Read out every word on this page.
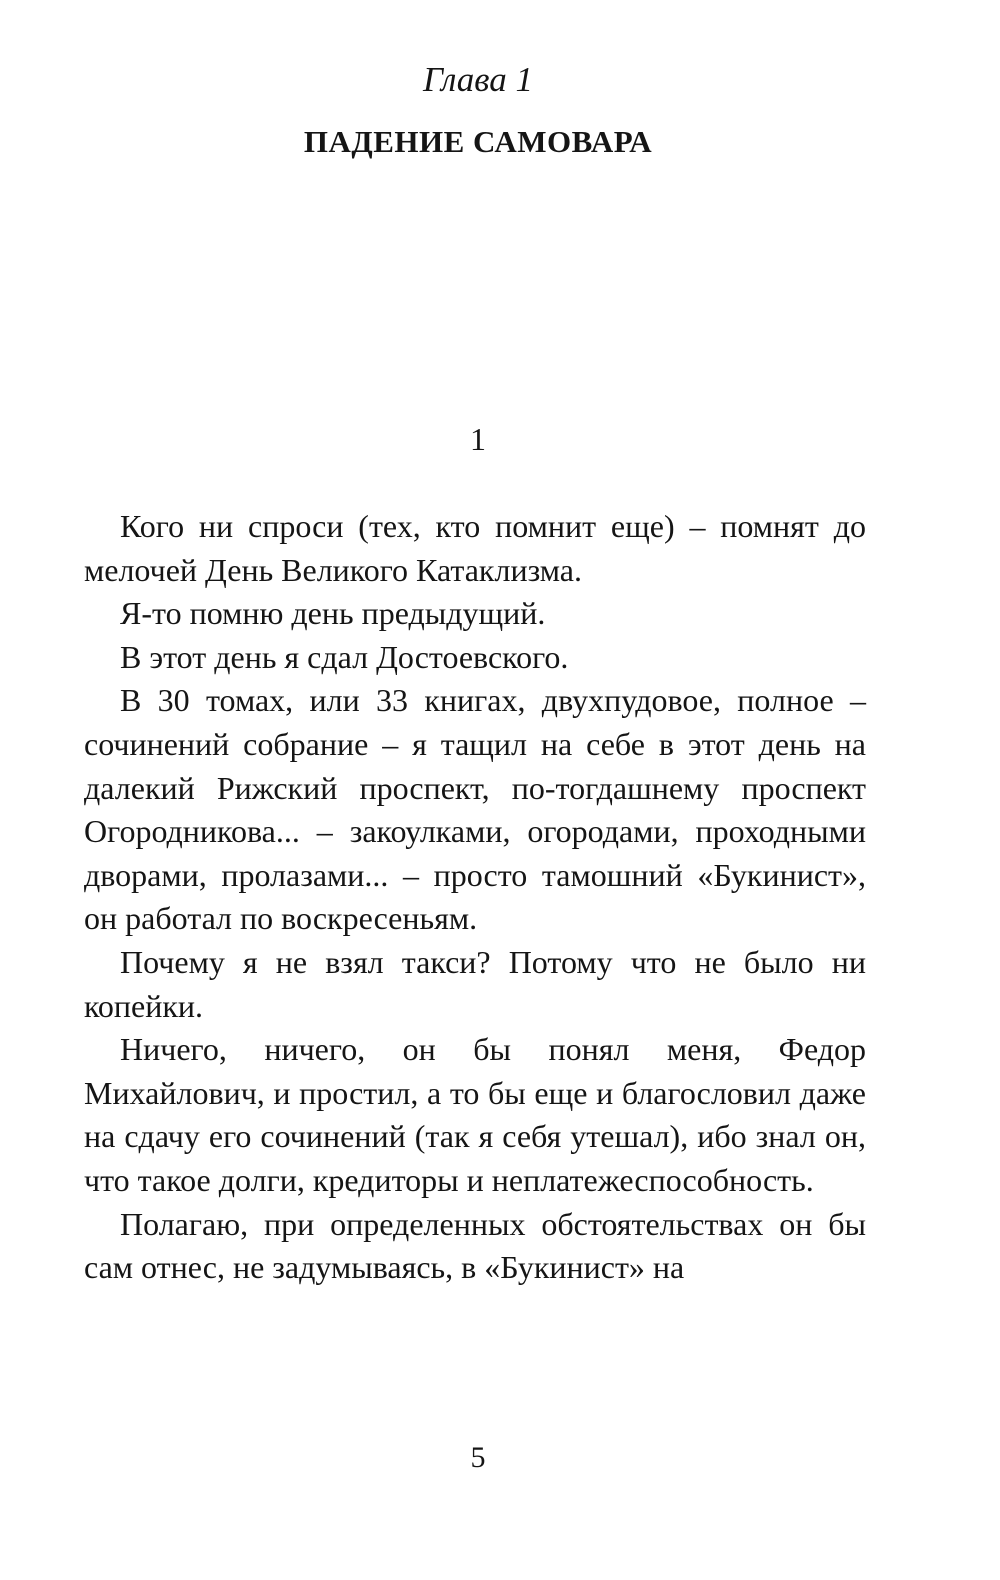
Глава 1
ПАДЕНИЕ САМОВАРА
1

Кого ни спроси (тех, кто помнит еще) – помнят до мелочей День Великого Катаклизма.

Я-то помню день предыдущий.

В этот день я сдал Достоевского.

В 30 томах, или 33 книгах, двухпудовое, полное – сочинений собрание – я тащил на себе в этот день на далекий Рижский проспект, по-тогдашнему проспект Огородникова... – закоулками, огородами, проходными дворами, пролазами... – просто тамошний «Букинист», он работал по воскресеньям.

Почему я не взял такси? Потому что не было ни копейки.

Ничего, ничего, он бы понял меня, Федор Михайлович, и простил, а то бы еще и благословил даже на сдачу его сочинений (так я себя утешал), ибо знал он, что такое долги, кредиторы и неплатежеспособность.

Полагаю, при определенных обстоятельствах он бы сам отнес, не задумываясь, в «Букинист» на

5
